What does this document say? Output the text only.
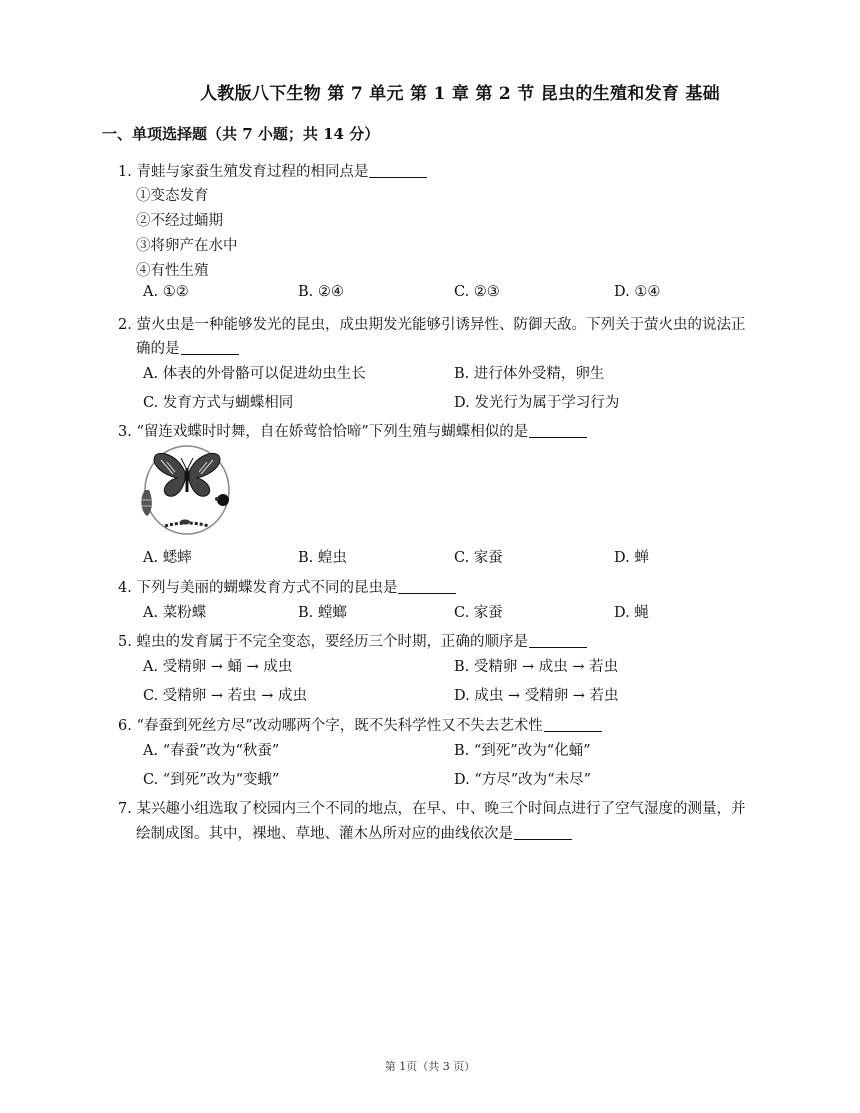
人教版八下生物 第 7 单元 第 1 章 第 2 节 昆虫的生殖和发育 基础
一、单项选择题（共 7 小题；共 14 分）
1. 青蛙与家蚕生殖发育过程的相同点是
①变态发育
②不经过蛹期
③将卵产在水中
④有性生殖
A. ①②	B. ②④	C. ②③	D. ①④
2. 萤火虫是一种能够发光的昆虫，成虫期发光能够引诱异性、防御天敌。下列关于萤火虫的说法正
确的是
A. 体表的外骨骼可以促进幼虫生长	B. 进行体外受精，卵生
C. 发育方式与蝴蝶相同	D. 发光行为属于学习行为
3. “留连戏蝶时时舞，自在娇莺恰恰啼”下列生殖与蝴蝶相似的是
A. 蟋蟀	B. 蝗虫	C. 家蚕	D. 蝉
4. 下列与美丽的蝴蝶发育方式不同的昆虫是
A. 菜粉蝶	B. 螳螂	C. 家蚕	D. 蝇
5. 蝗虫的发育属于不完全变态，要经历三个时期，正确的顺序是
A. 受精卵 → 蛹 → 成虫	B. 受精卵 → 成虫 → 若虫
C. 受精卵 → 若虫 → 成虫	D. 成虫 → 受精卵 → 若虫
6. “春蚕到死丝方尽”改动哪两个字，既不失科学性又不失去艺术性
A. “春蚕”改为“秋蚕”	B. “到死”改为“化蛹”
C. “到死”改为“变蛾”	D. “方尽”改为“未尽”
7. 某兴趣小组选取了校园内三个不同的地点，在早、中、晚三个时间点进行了空气湿度的测量，并
绘制成图。其中，裸地、草地、灌木丛所对应的曲线依次是
第 1页（共 3 页）
